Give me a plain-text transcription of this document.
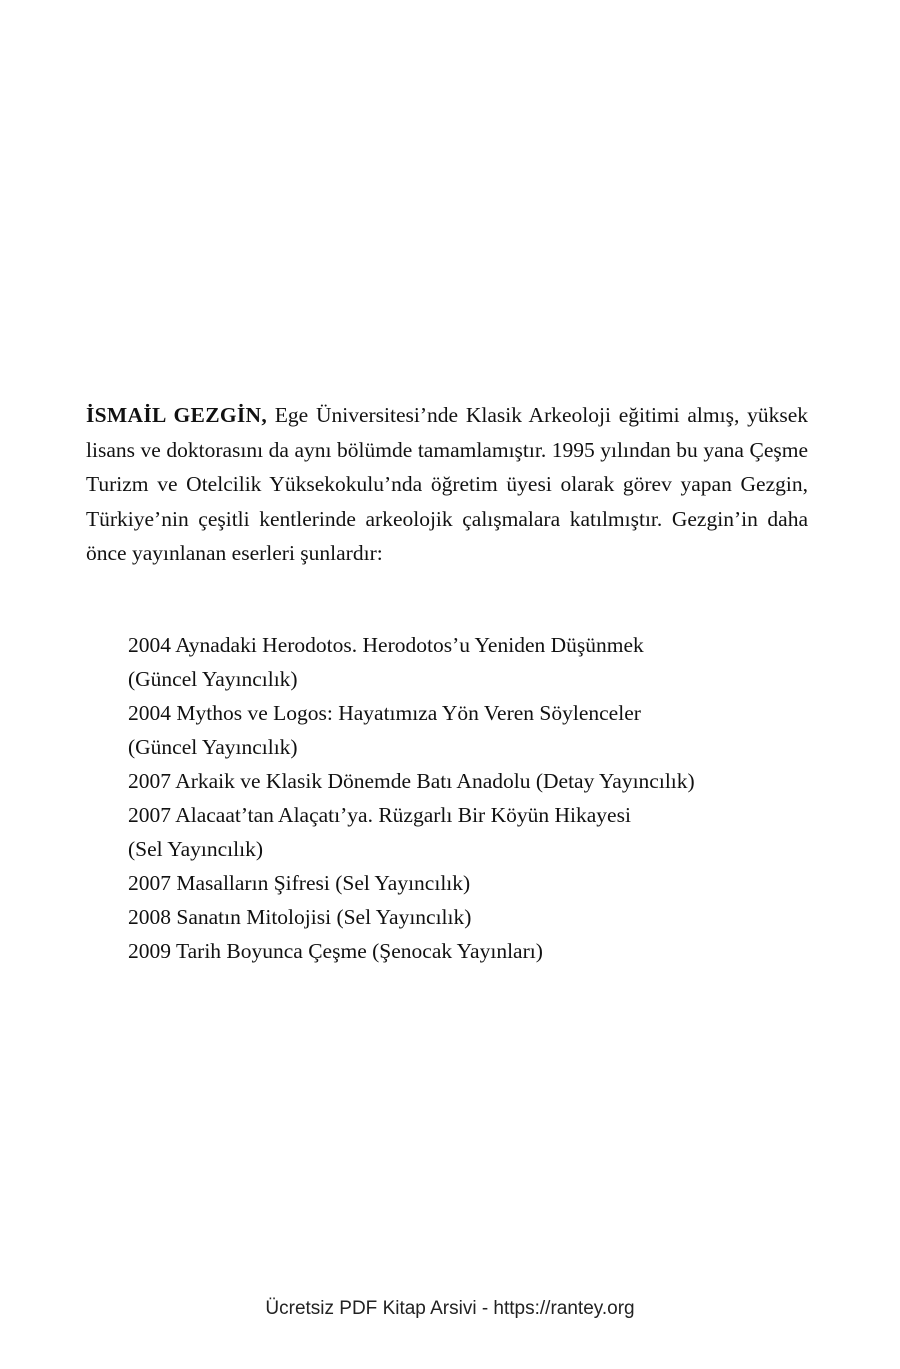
İSMAİL GEZGİN, Ege Üniversitesi’nde Klasik Arkeoloji eğitimi almış, yüksek lisans ve doktorasını da aynı bölümde tamamlamıştır. 1995 yılından bu yana Çeşme Turizm ve Otelcilik Yüksekokulu’nda öğretim üyesi olarak görev yapan Gezgin, Türkiye’nin çeşitli kentlerinde arkeolojik çalışmalara katılmıştır. Gezgin’in daha önce yayınlanan eserleri şunlardır:

2004 Aynadaki Herodotos. Herodotos’u Yeniden Düşünmek
(Güncel Yayıncılık)
2004 Mythos ve Logos: Hayatımıza Yön Veren Söylenceler
(Güncel Yayıncılık)
2007 Arkaik ve Klasik Dönemde Batı Anadolu (Detay Yayıncılık)
2007 Alacaat’tan Alaçatı’ya. Rüzgarlı Bir Köyün Hikayesi
(Sel Yayıncılık)
2007 Masalların Şifresi (Sel Yayıncılık)
2008 Sanatın Mitolojisi (Sel Yayıncılık)
2009 Tarih Boyunca Çeşme (Şenocak Yayınları)
Ücretsiz PDF Kitap Arsivi - https://rantey.org
